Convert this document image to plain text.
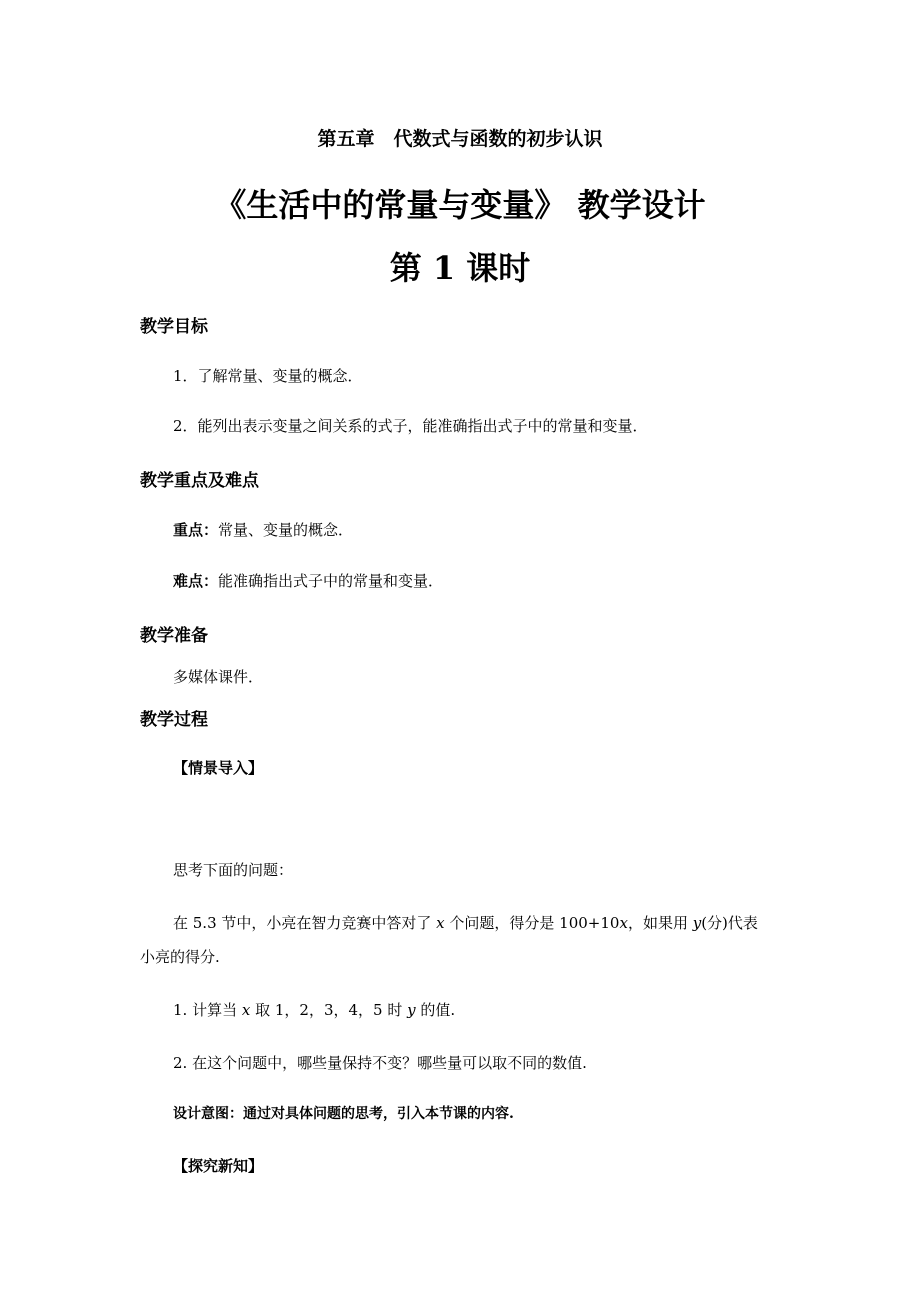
第五章　代数式与函数的初步认识
《生活中的常量与变量》 教学设计
第 1 课时
教学目标
1．了解常量、变量的概念．
2．能列出表示变量之间关系的式子，能准确指出式子中的常量和变量．
教学重点及难点
重点：常量、变量的概念．
难点：能准确指出式子中的常量和变量．
教学准备
多媒体课件．
教学过程
【情景导入】
思考下面的问题：
在 5.3 节中，小亮在智力竞赛中答对了 x 个问题，得分是 100+10x，如果用 y(分)代表
小亮的得分.
1. 计算当 x 取 1，2，3，4，5 时 y 的值.
2. 在这个问题中，哪些量保持不变？哪些量可以取不同的数值.
设计意图：通过对具体问题的思考，引入本节课的内容.
【探究新知】
